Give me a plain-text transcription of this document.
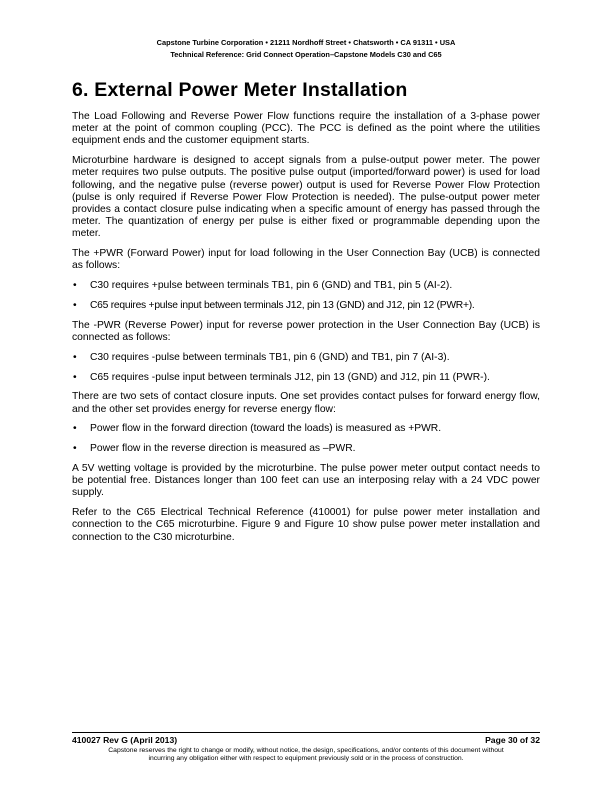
Capstone Turbine Corporation • 21211 Nordhoff Street • Chatsworth • CA 91311 • USA
Technical Reference: Grid Connect Operation–Capstone Models C30 and C65
6. External Power Meter Installation

The Load Following and Reverse Power Flow functions require the installation of a 3-phase power meter at the point of common coupling (PCC). The PCC is defined as the point where the utilities equipment ends and the customer equipment starts.

Microturbine hardware is designed to accept signals from a pulse-output power meter. The power meter requires two pulse outputs. The positive pulse output (imported/forward power) is used for load following, and the negative pulse (reverse power) output is used for Reverse Power Flow Protection (pulse is only required if Reverse Power Flow Protection is needed). The pulse-output power meter provides a contact closure pulse indicating when a specific amount of energy has passed through the meter. The quantization of energy per pulse is either fixed or programmable depending upon the meter.

The +PWR (Forward Power) input for load following in the User Connection Bay (UCB) is connected as follows:

• C30 requires +pulse between terminals TB1, pin 6 (GND) and TB1, pin 5 (AI-2).
• C65 requires +pulse input between terminals J12, pin 13 (GND) and J12, pin 12 (PWR+).

The -PWR (Reverse Power) input for reverse power protection in the User Connection Bay (UCB) is connected as follows:

• C30 requires -pulse between terminals TB1, pin 6 (GND) and TB1, pin 7 (AI-3).
• C65 requires -pulse input between terminals J12, pin 13 (GND) and J12, pin 11 (PWR-).

There are two sets of contact closure inputs. One set provides contact pulses for forward energy flow, and the other set provides energy for reverse energy flow:

• Power flow in the forward direction (toward the loads) is measured as +PWR.
• Power flow in the reverse direction is measured as –PWR.

A 5V wetting voltage is provided by the microturbine. The pulse power meter output contact needs to be potential free. Distances longer than 100 feet can use an interposing relay with a 24 VDC power supply.

Refer to the C65 Electrical Technical Reference (410001) for pulse power meter installation and connection to the C65 microturbine. Figure 9 and Figure 10 show pulse power meter installation and connection to the C30 microturbine.

410027 Rev G (April 2013)	Page 30 of 32
Capstone reserves the right to change or modify, without notice, the design, specifications, and/or contents of this document without
incurring any obligation either with respect to equipment previously sold or in the process of construction.
